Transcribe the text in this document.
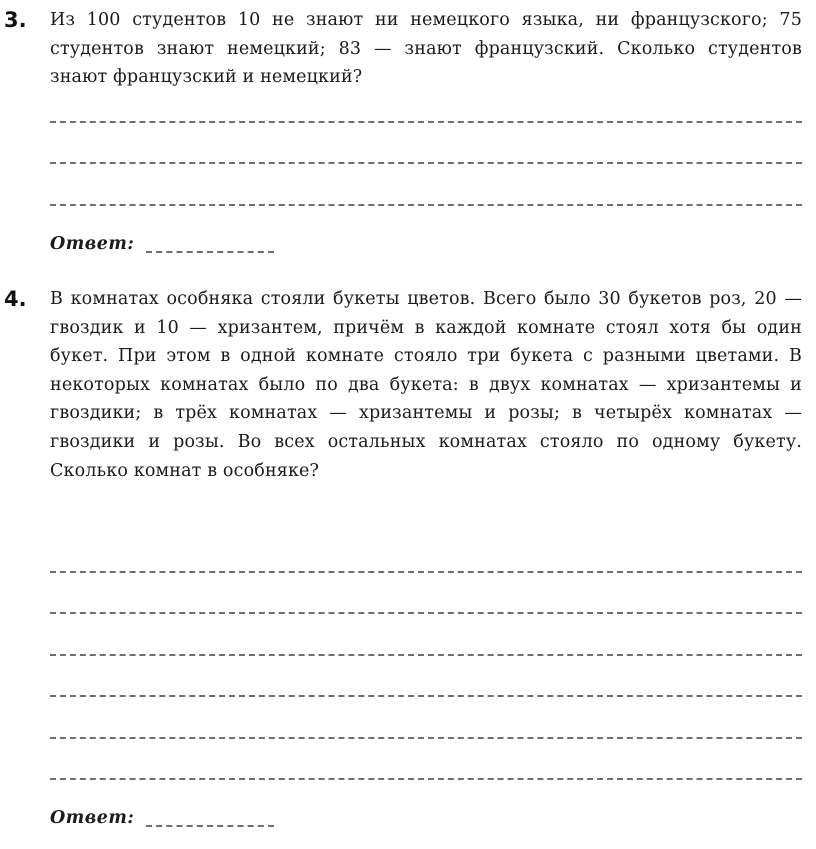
3. Из 100 студентов 10 не знают ни немецкого языка, ни французского; 75 студентов знают немецкий; 83 — знают французский. Сколько студентов знают французский и немецкий?

Ответ:
4. В комнатах особняка стояли букеты цветов. Всего было 30 букетов роз, 20 — гвоздик и 10 — хризантем, причём в каждой комнате стоял хотя бы один букет. При этом в одной комнате стояло три букета с разными цветами. В некоторых комнатах было по два букета: в двух комнатах — хризантемы и гвоздики; в трёх комнатах — хризантемы и розы; в четырёх комнатах — гвоздики и розы. Во всех остальных комнатах стояло по одному букету. Сколько комнат в особняке?

Ответ:
